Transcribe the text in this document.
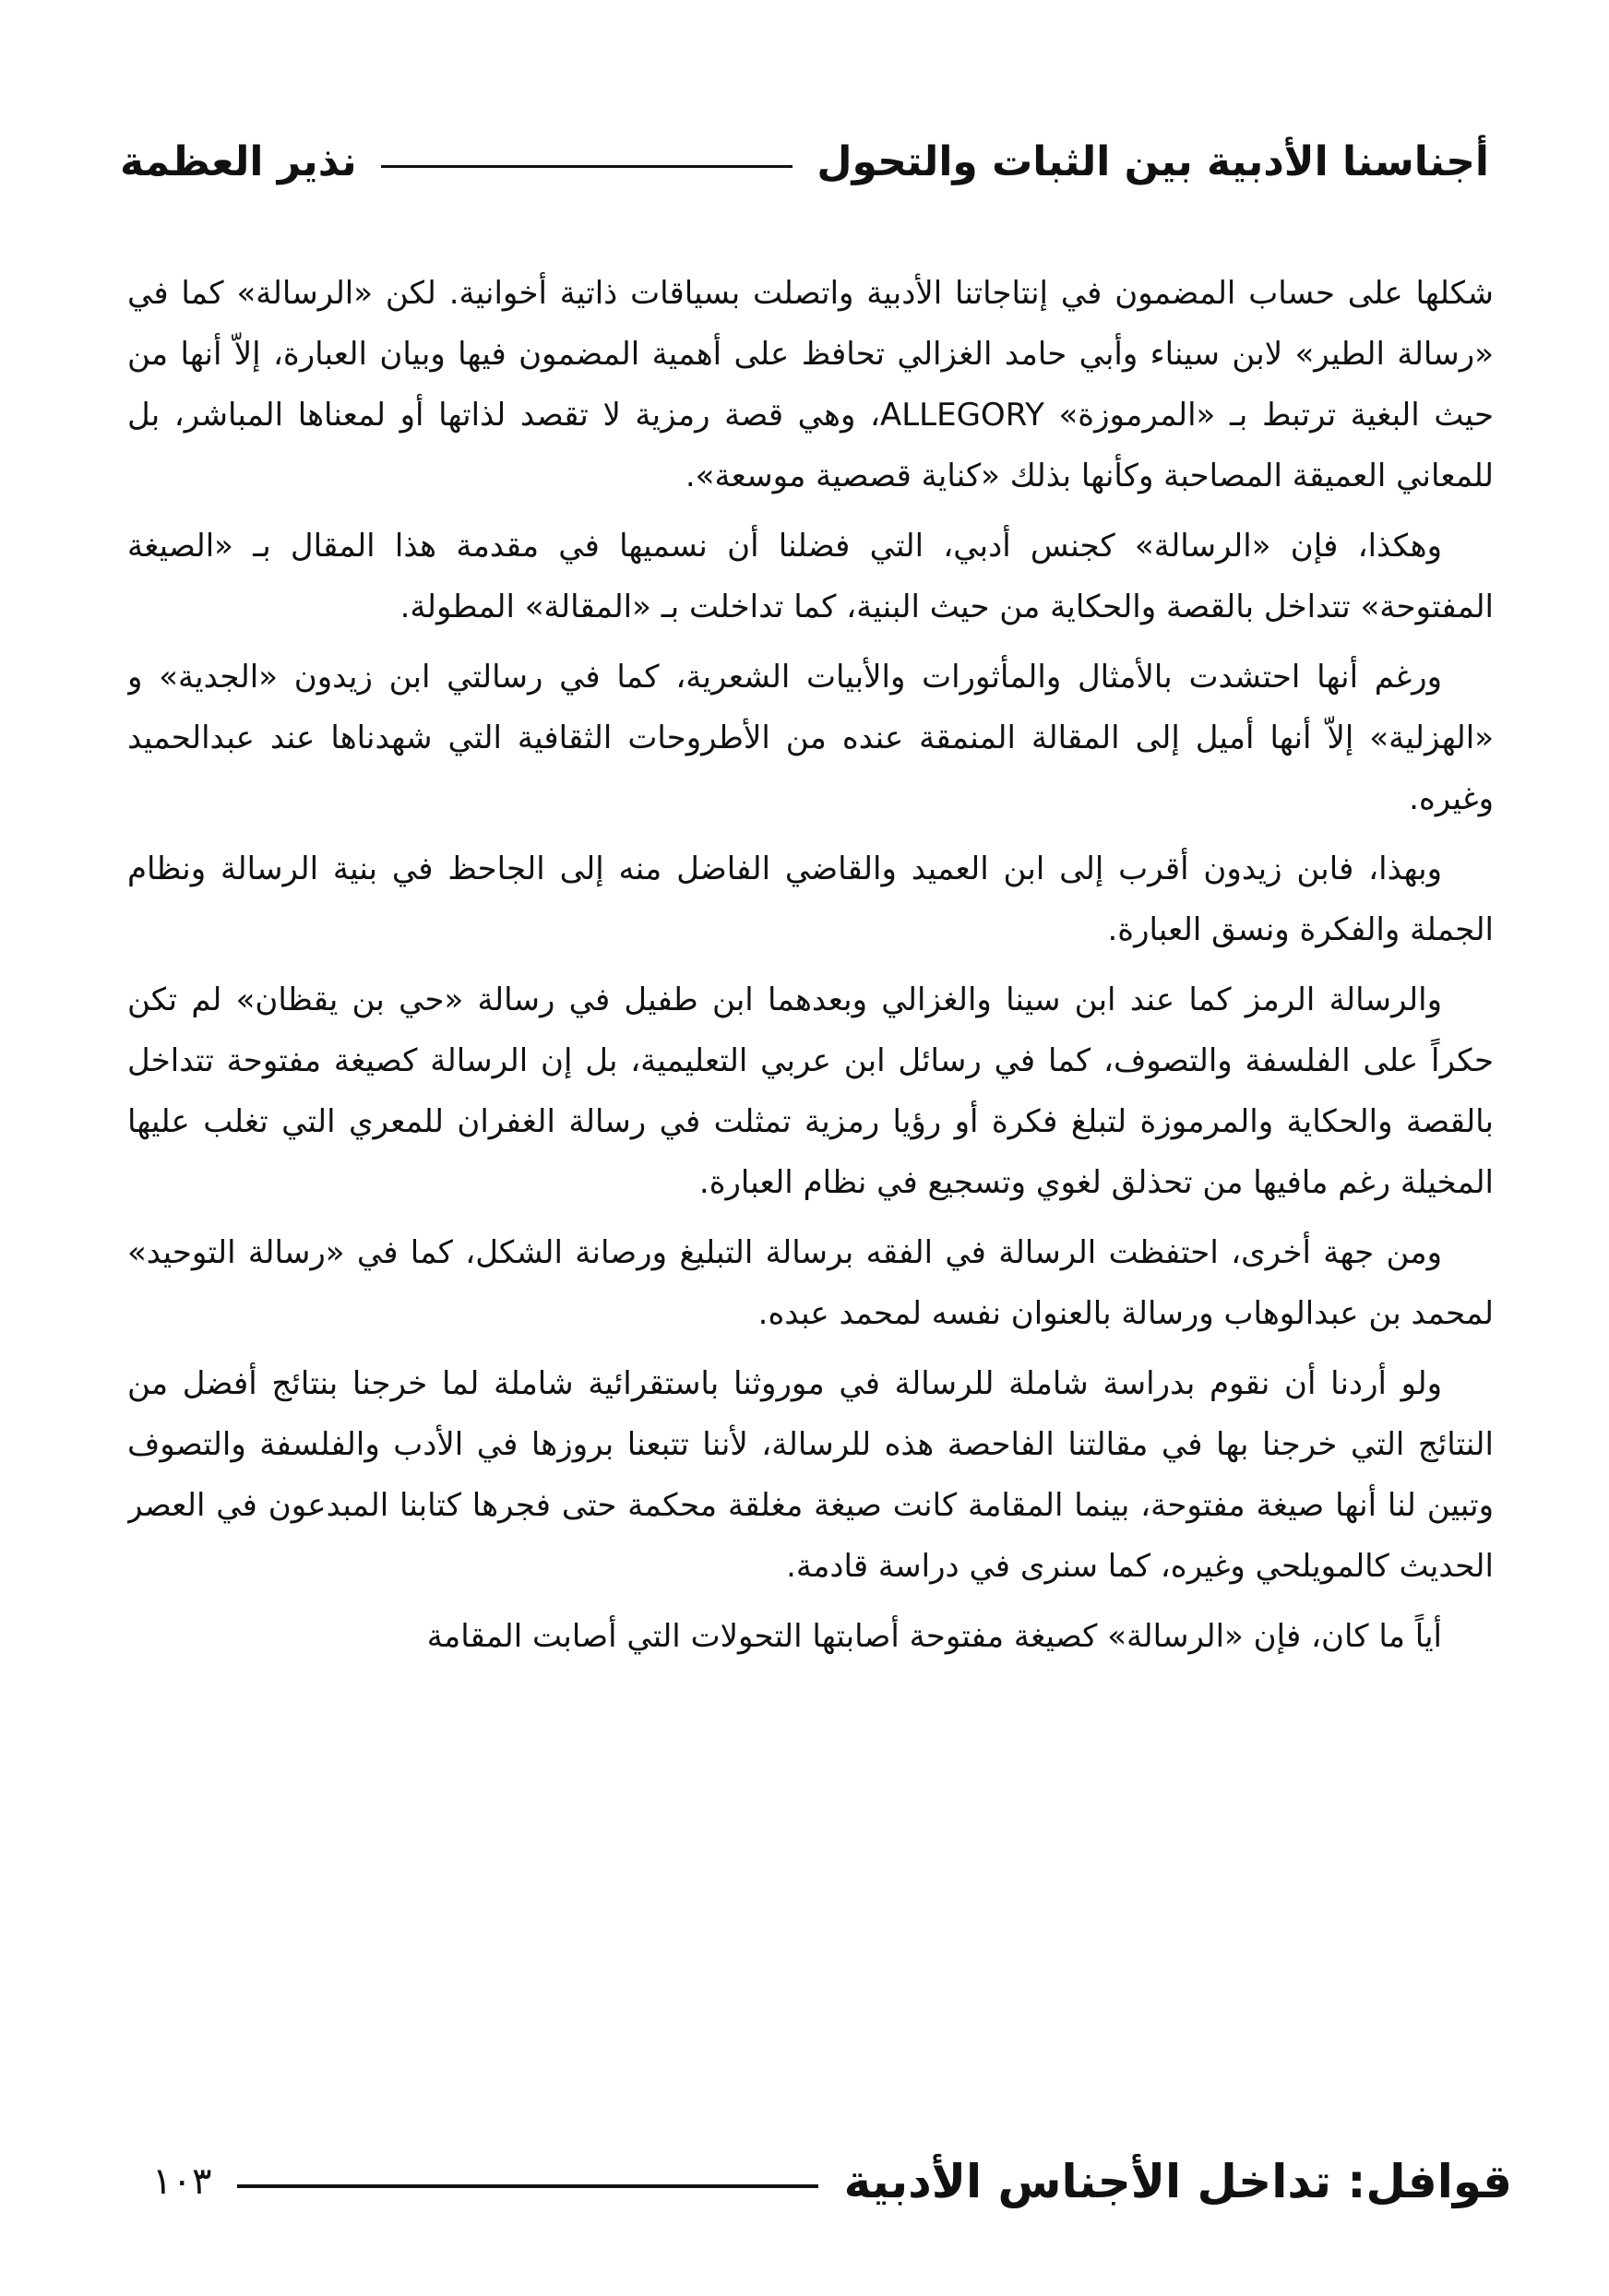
أجناسنا الأدبية بين الثبات والتحول
نذير العظمة

شكلها على حساب المضمون في إنتاجاتنا الأدبية واتصلت بسياقات ذاتية أخوانية. لكن «الرسالة» كما في «رسالة الطير» لابن سيناء وأبي حامد الغزالي تحافظ على أهمية المضمون فيها وبيان العبارة، إلاّ أنها من حيث البغية ترتبط بـ «المرموزة» ALLEGORY، وهي قصة رمزية لا تقصد لذاتها أو لمعناها المباشر، بل للمعاني العميقة المصاحبة وكأنها بذلك «كناية قصصية موسعة».

وهكذا، فإن «الرسالة» كجنس أدبي، التي فضلنا أن نسميها في مقدمة هذا المقال بـ «الصيغة المفتوحة» تتداخل بالقصة والحكاية من حيث البنية، كما تداخلت بـ «المقالة» المطولة.

ورغم أنها احتشدت بالأمثال والمأثورات والأبيات الشعرية، كما في رسالتي ابن زيدون «الجدية» و «الهزلية» إلاّ أنها أميل إلى المقالة المنمقة عنده من الأطروحات الثقافية التي شهدناها عند عبدالحميد وغيره.

وبهذا، فابن زيدون أقرب إلى ابن العميد والقاضي الفاضل منه إلى الجاحظ في بنية الرسالة ونظام الجملة والفكرة ونسق العبارة.

والرسالة الرمز كما عند ابن سينا والغزالي وبعدهما ابن طفيل في رسالة «حي بن يقظان» لم تكن حكراً على الفلسفة والتصوف، كما في رسائل ابن عربي التعليمية، بل إن الرسالة كصيغة مفتوحة تتداخل بالقصة والحكاية والمرموزة لتبلغ فكرة أو رؤيا رمزية تمثلت في رسالة الغفران للمعري التي تغلب عليها المخيلة رغم مافيها من تحذلق لغوي وتسجيع في نظام العبارة.

ومن جهة أخرى، احتفظت الرسالة في الفقه برسالة التبليغ ورصانة الشكل، كما في «رسالة التوحيد» لمحمد بن عبدالوهاب ورسالة بالعنوان نفسه لمحمد عبده.

ولو أردنا أن نقوم بدراسة شاملة للرسالة في موروثنا باستقرائية شاملة لما خرجنا بنتائج أفضل من النتائج التي خرجنا بها في مقالتنا الفاحصة هذه للرسالة، لأننا تتبعنا بروزها في الأدب والفلسفة والتصوف وتبين لنا أنها صيغة مفتوحة، بينما المقامة كانت صيغة مغلقة محكمة حتى فجرها كتابنا المبدعون في العصر الحديث كالمويلحي وغيره، كما سنرى في دراسة قادمة.

أياً ما كان، فإن «الرسالة» كصيغة مفتوحة أصابتها التحولات التي أصابت المقامة

قوافل: تداخل الأجناس الأدبية
١٠٣
